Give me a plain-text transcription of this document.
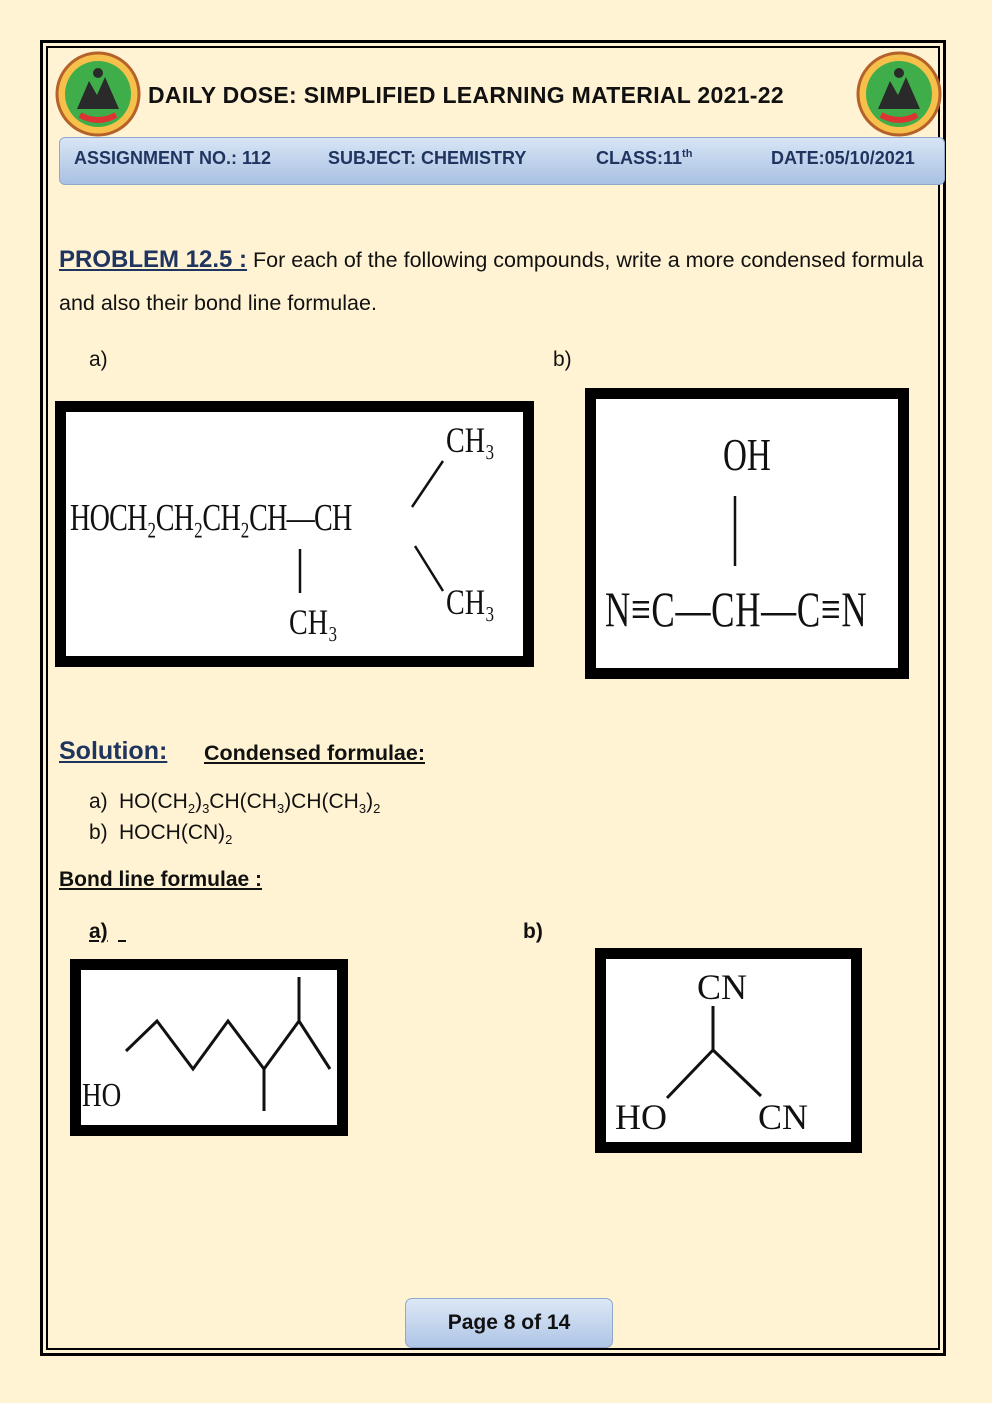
DAILY DOSE: SIMPLIFIED LEARNING MATERIAL 2021-22
ASSIGNMENT NO.: 112	SUBJECT: CHEMISTRY	CLASS:11th	DATE:05/10/2021
PROBLEM 12.5 : For each of the following compounds, write a more condensed formula and also their bond line formulae.
a)	b)
HOCH₂CH₂CH₂CH—CH
CH₃
CH₃
CH₃
OH
N≡C—CH—C≡N
Solution: Condensed formulae:
a) $HO(CH_2)_3CH(CH_3)CH(CH_3)_2$
b) $HOCH(CN)_2$
Bond line formulae :
a)	b)
HO
CN
HO	CN
Page 8 of 14
